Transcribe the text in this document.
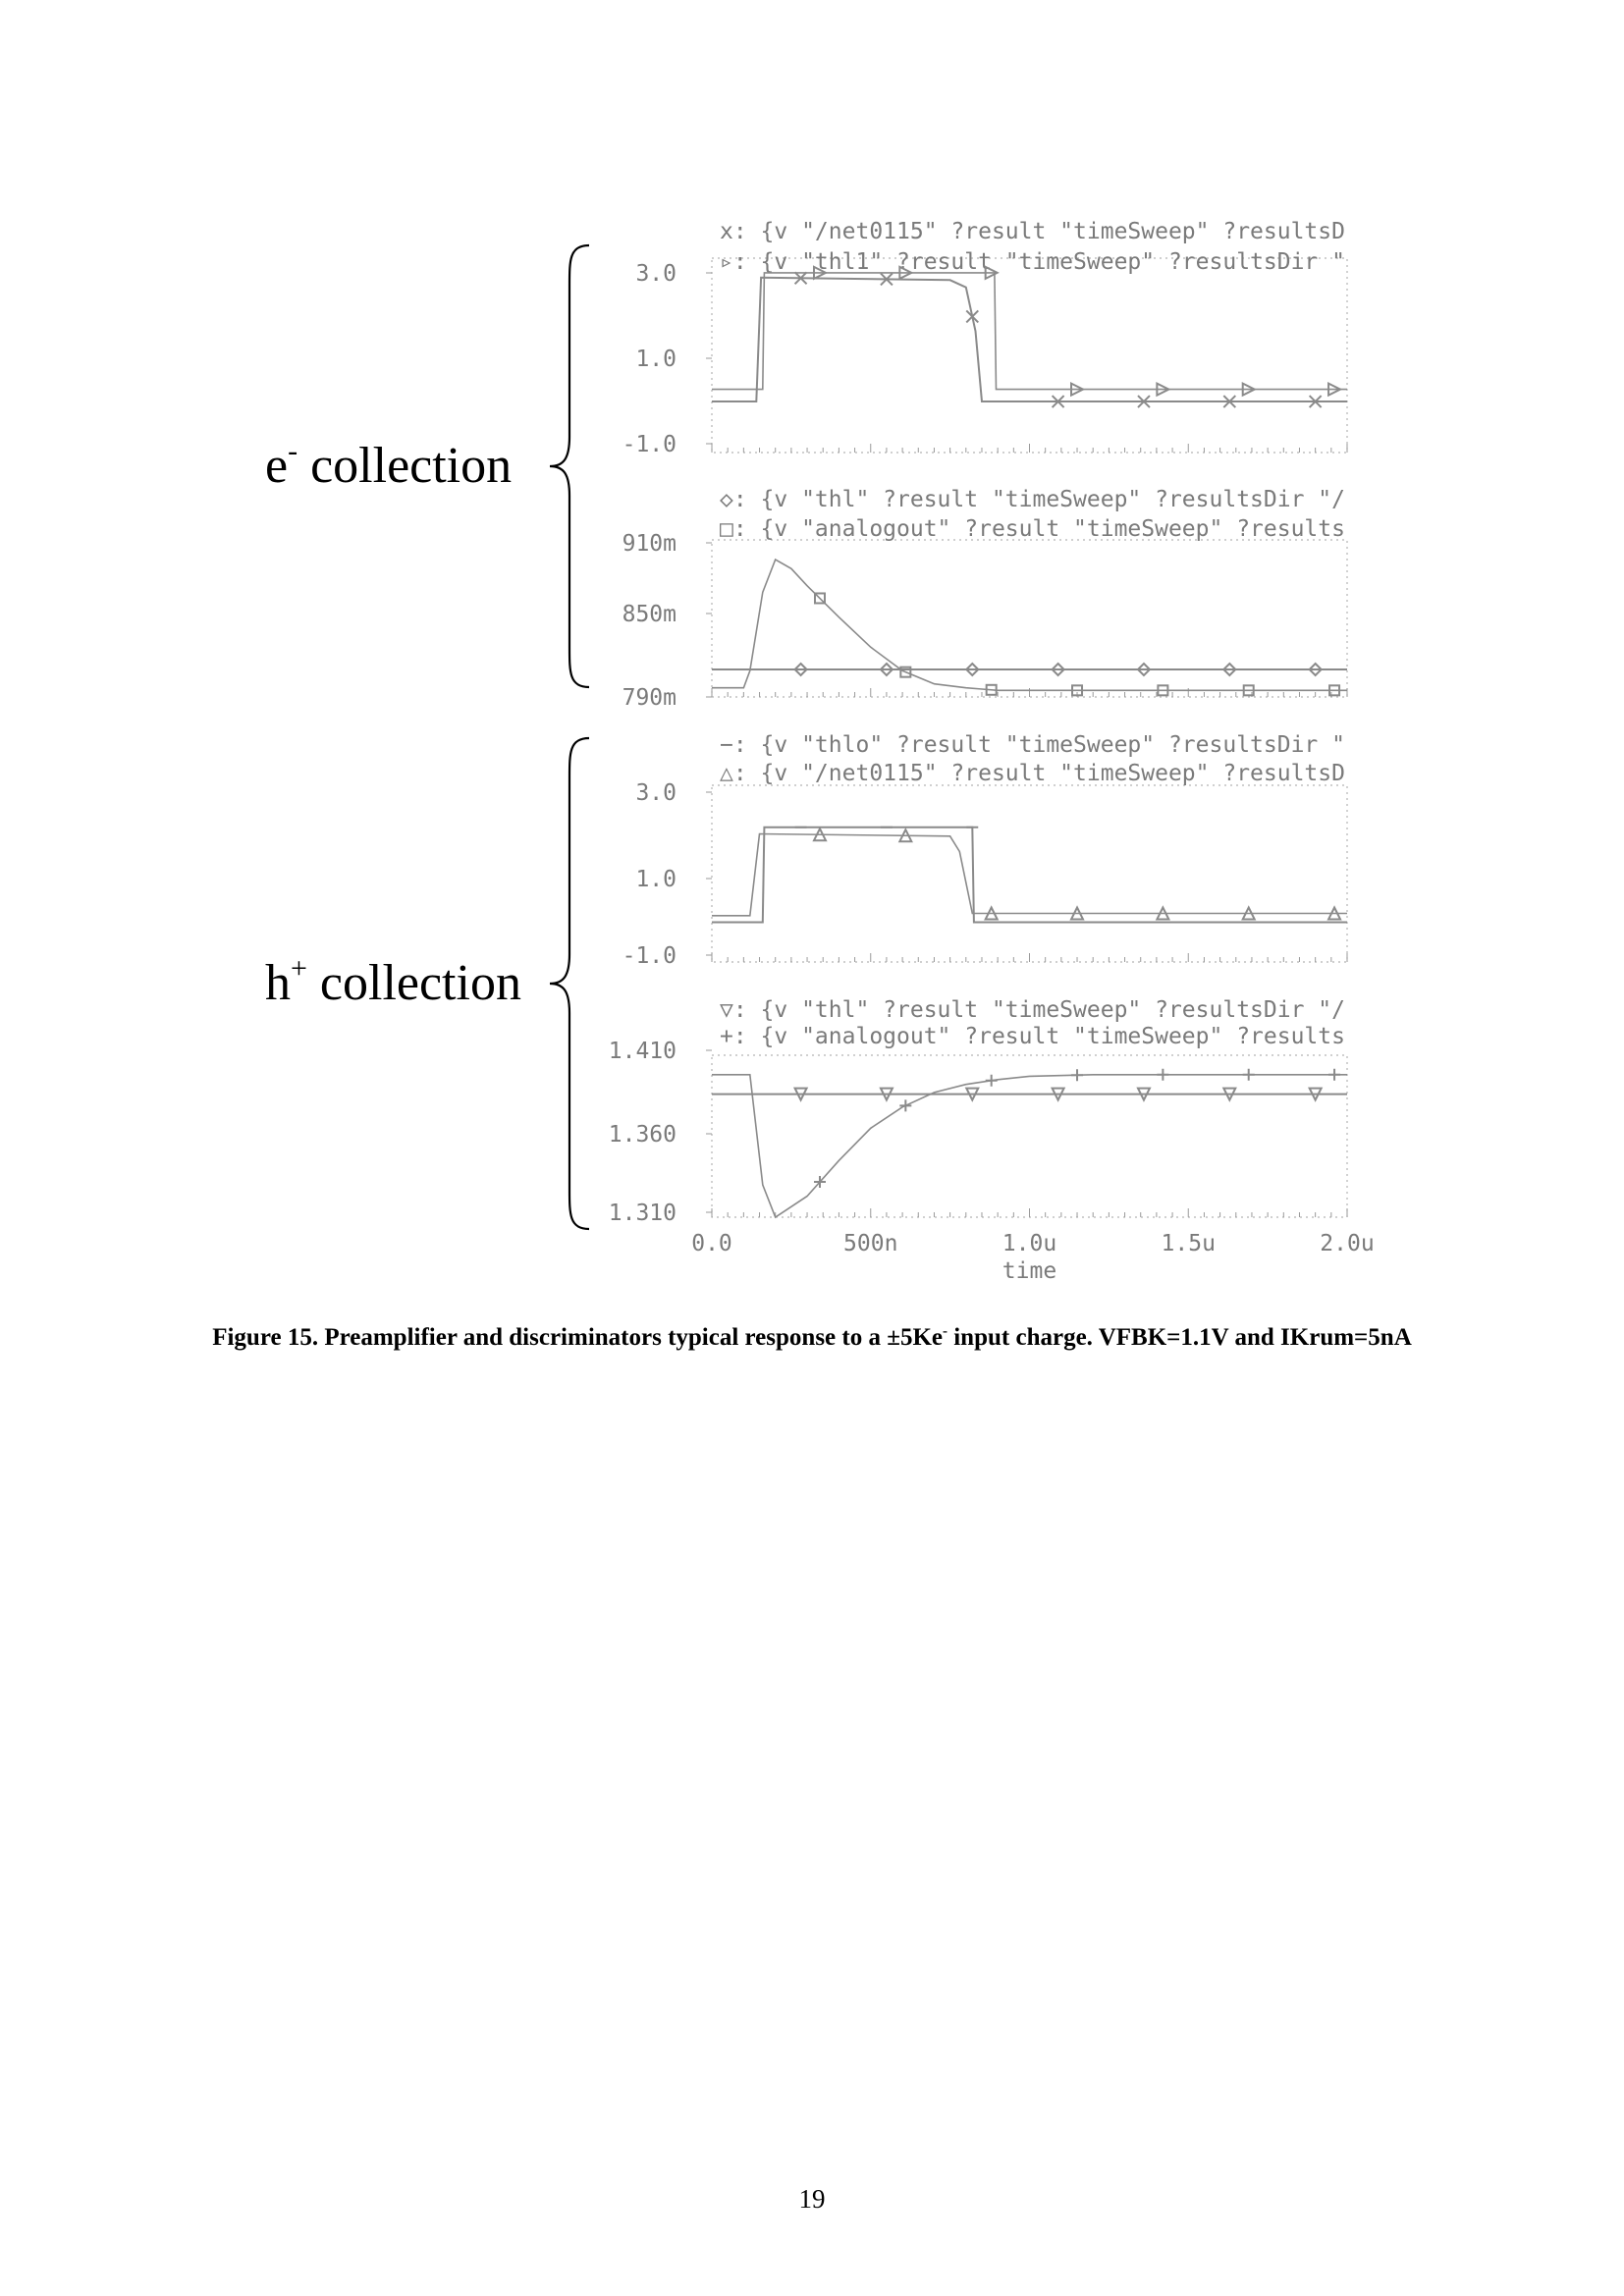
3.0
1.0
-1.0
x: {v "/net0115" ?result "timeSweep" ?resultsD
▹: {v "thl1" ?result "timeSweep" ?resultsDir "
910m
850m
790m
◇: {v "thl" ?result "timeSweep" ?resultsDir "/
□: {v "analogout" ?result "timeSweep" ?results
3.0
1.0
-1.0
−: {v "thlo" ?result "timeSweep" ?resultsDir "
△: {v "/net0115" ?result "timeSweep" ?resultsD
1.410
1.360
1.310
▽: {v "thl" ?result "timeSweep" ?resultsDir "/
+: {v "analogout" ?result "timeSweep" ?results
0.0	500n	1.0u	1.5u	2.0u
time
e- collection
h+ collection
Figure 15. Preamplifier and discriminators typical response to a ±5Ke- input charge. VFBK=1.1V and IKrum=5nA
19
